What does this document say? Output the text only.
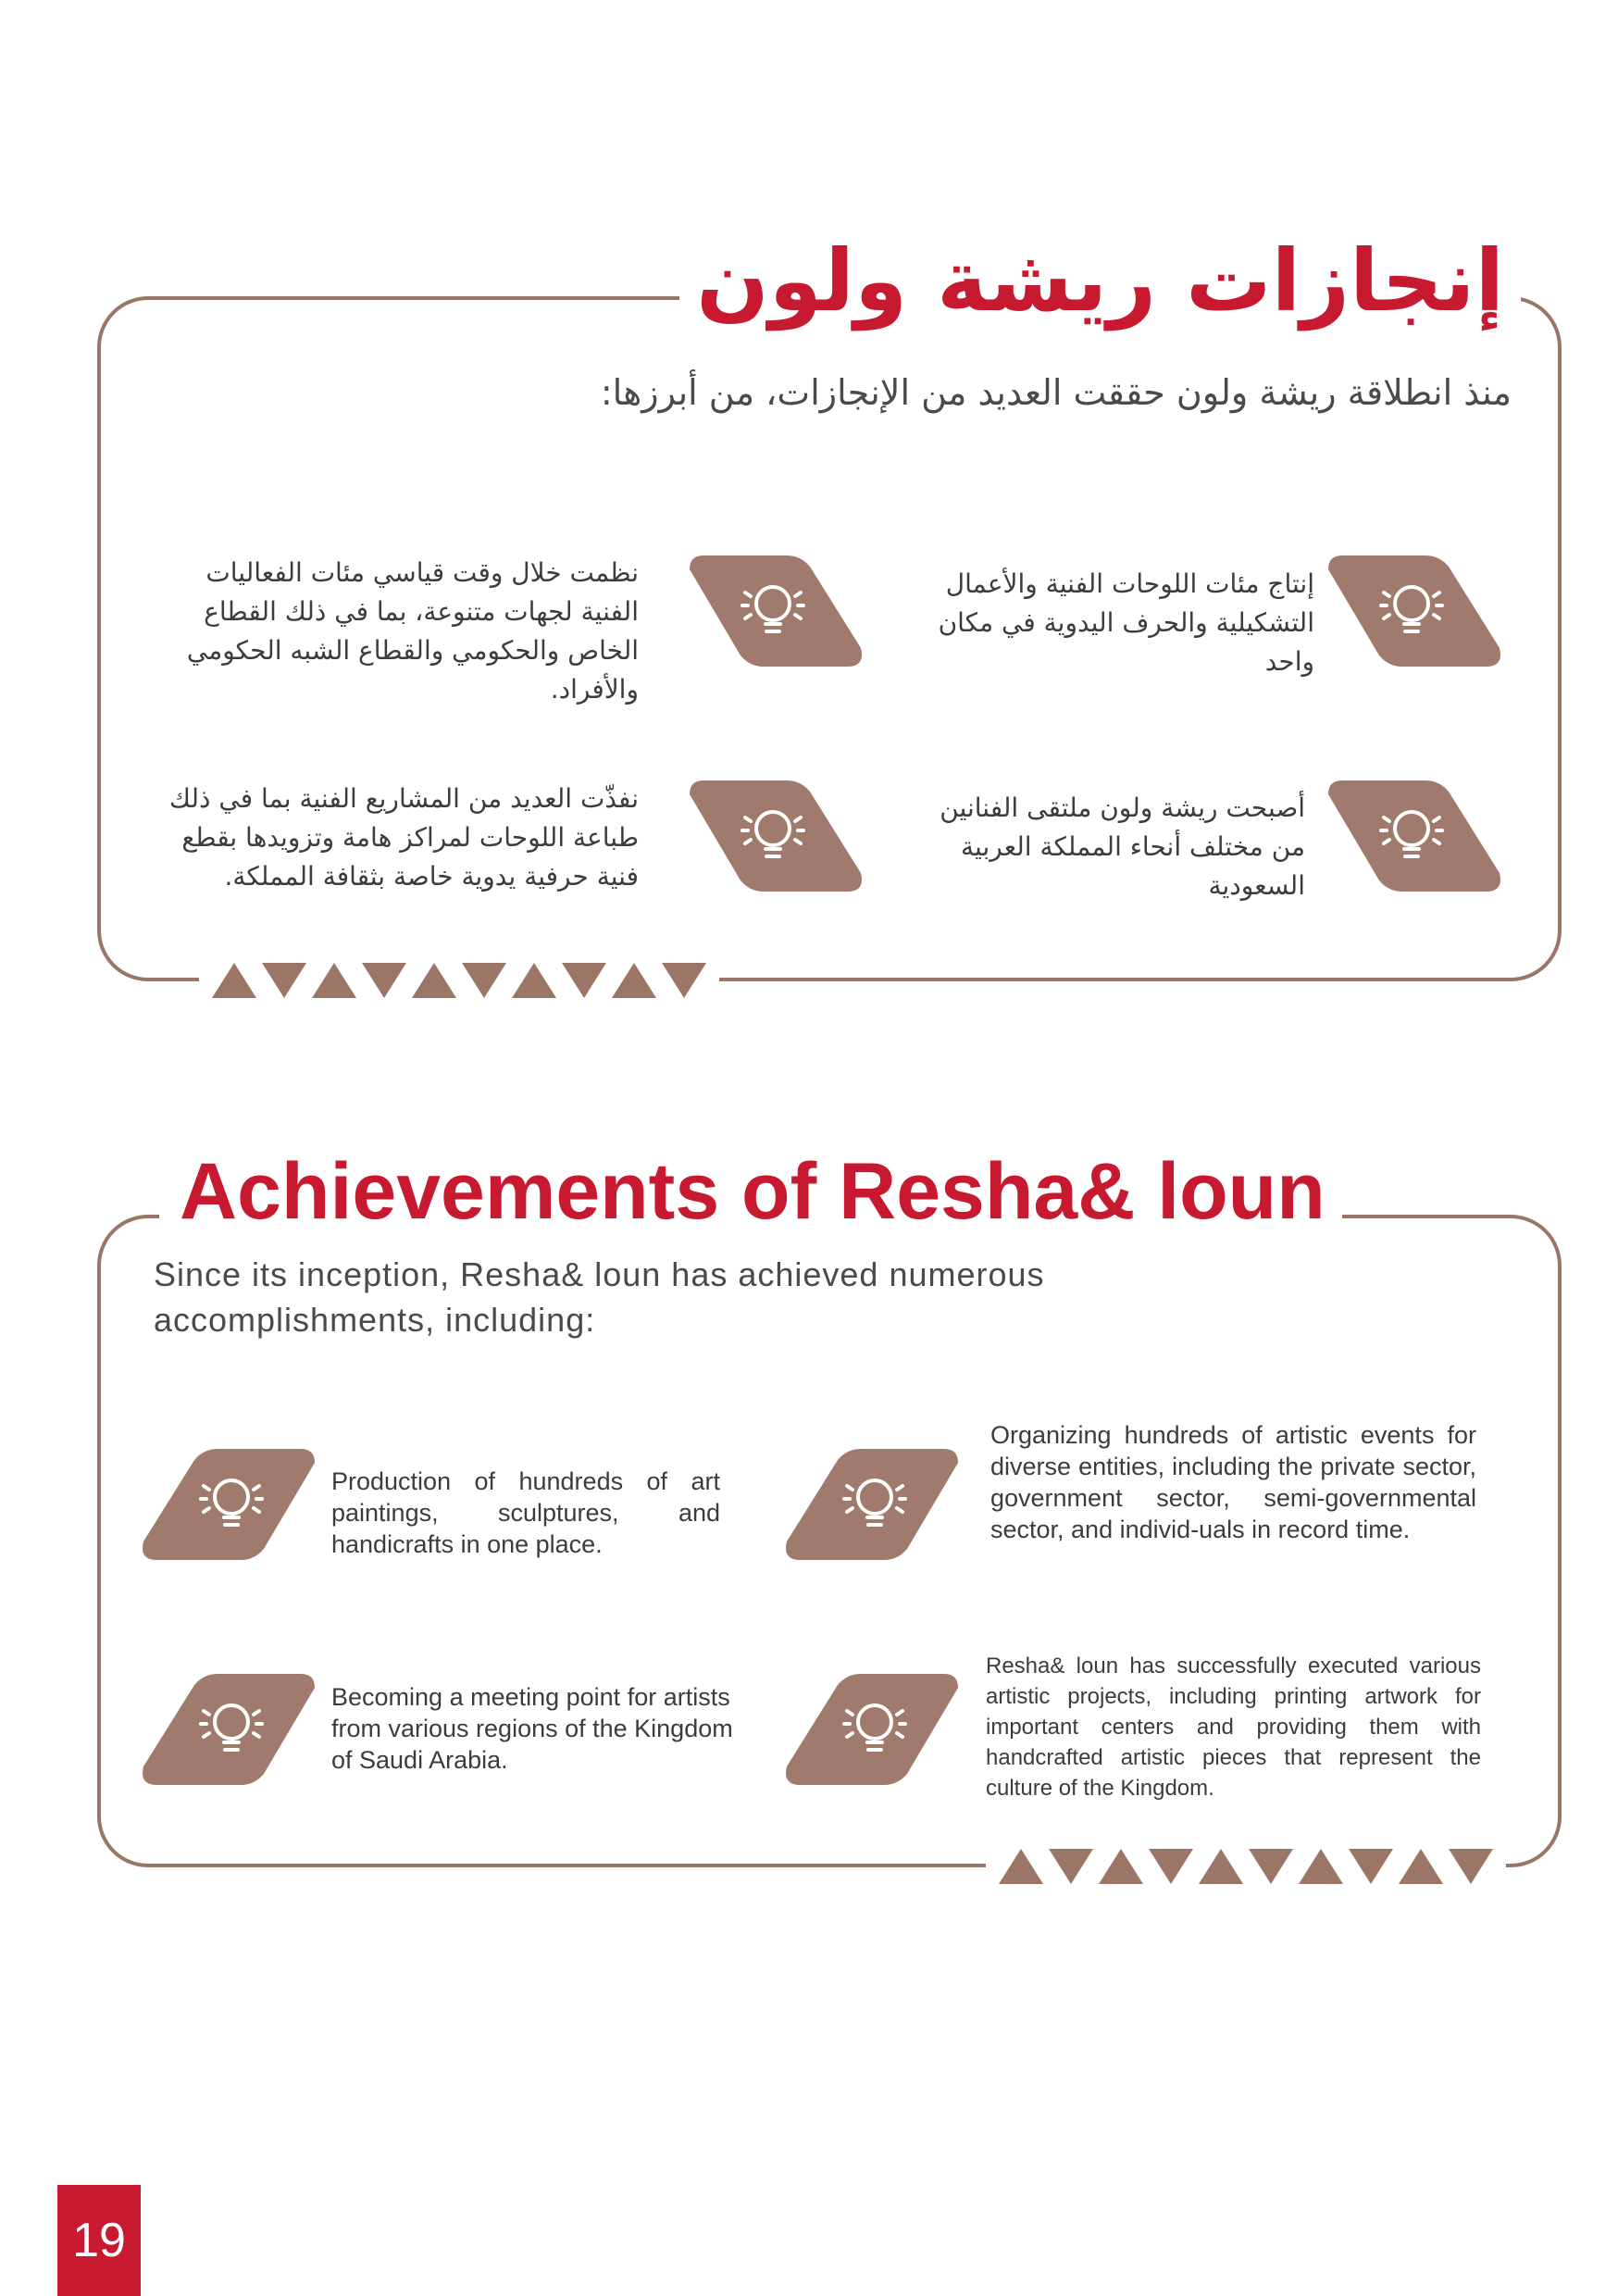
إنجازات ريشة ولون

منذ انطلاقة ريشة ولون حققت العديد من الإنجازات، من أبرزها:

إنتاج مئات اللوحات الفنية والأعمال التشكيلية والحرف اليدوية في مكان واحد

نظمت خلال وقت قياسي مئات الفعاليات الفنية لجهات متنوعة، بما في ذلك القطاع الخاص والحكومي والقطاع الشبه الحكومي والأفراد.

أصبحت ريشة ولون ملتقى الفنانين من مختلف أنحاء المملكة العربية السعودية

نفذّت العديد من المشاريع الفنية بما في ذلك طباعة اللوحات لمراكز هامة وتزويدها بقطع فنية حرفية يدوية خاصة بثقافة المملكة.

Achievements of Resha& loun

Since its inception, Resha& loun has achieved numerous accomplishments, including:

Production of hundreds of art paintings, sculptures, and handicrafts in one place.

Organizing hundreds of artistic events for diverse entities, including the private sector, government sector, semi-governmental sector, and individ-uals in record time.

Becoming a meeting point for artists from various regions of the Kingdom of Saudi Arabia.

Resha& loun has successfully executed various artistic projects, including printing artwork for important centers and providing them with handcrafted artistic pieces that represent the culture of the Kingdom.

19
